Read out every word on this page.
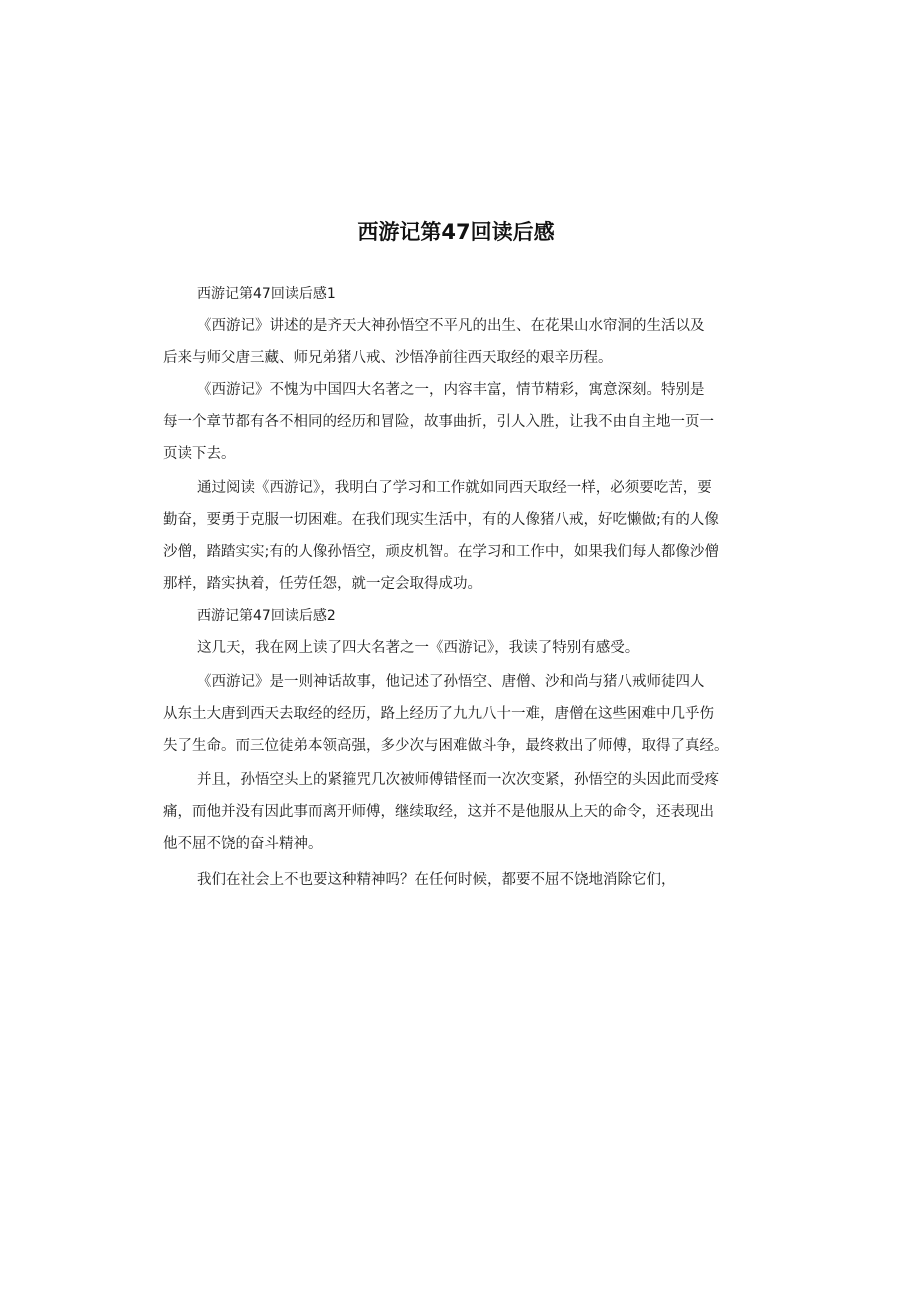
西游记第47回读后感
西游记第47回读后感1
《西游记》讲述的是齐天大神孙悟空不平凡的出生、在花果山水帘洞的生活以及
后来与师父唐三藏、师兄弟猪八戒、沙悟净前往西天取经的艰辛历程。
《西游记》不愧为中国四大名著之一，内容丰富，情节精彩，寓意深刻。特别是
每一个章节都有各不相同的经历和冒险，故事曲折，引人入胜，让我不由自主地一页一
页读下去。
通过阅读《西游记》，我明白了学习和工作就如同西天取经一样，必须要吃苦，要
勤奋，要勇于克服一切困难。在我们现实生活中，有的人像猪八戒，好吃懒做;有的人像
沙僧，踏踏实实;有的人像孙悟空，顽皮机智。在学习和工作中，如果我们每人都像沙僧
那样，踏实执着，任劳任怨，就一定会取得成功。
西游记第47回读后感2
这几天，我在网上读了四大名著之一《西游记》，我读了特别有感受。
《西游记》是一则神话故事，他记述了孙悟空、唐僧、沙和尚与猪八戒师徒四人
从东土大唐到西天去取经的经历，路上经历了九九八十一难，唐僧在这些困难中几乎伤
失了生命。而三位徒弟本领高强，多少次与困难做斗争，最终救出了师傅，取得了真经。
并且，孙悟空头上的紧箍咒几次被师傅错怪而一次次变紧，孙悟空的头因此而受疼
痛，而他并没有因此事而离开师傅，继续取经，这并不是他服从上天的命令，还表现出
他不屈不饶的奋斗精神。
我们在社会上不也要这种精神吗？在任何时候，都要不屈不饶地消除它们，
